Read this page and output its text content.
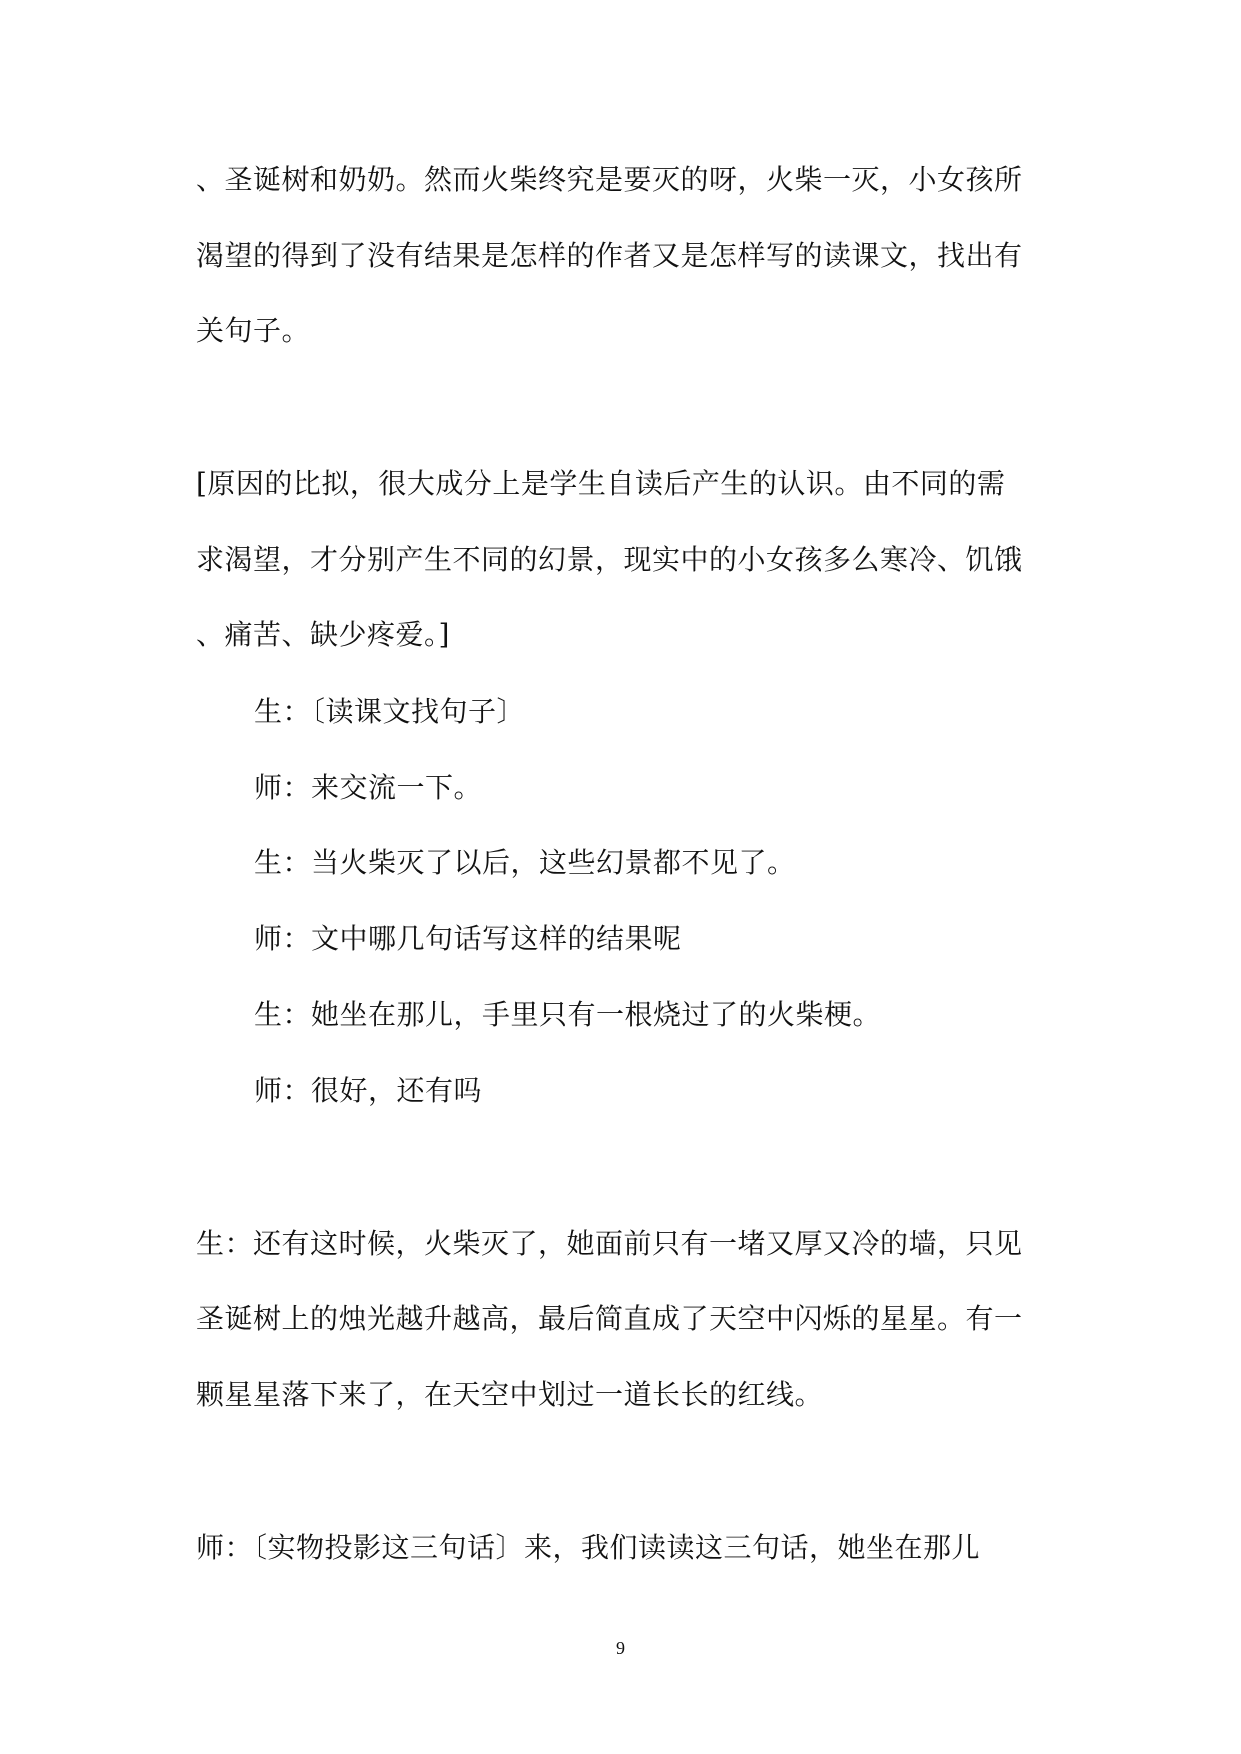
、圣诞树和奶奶。然而火柴终究是要灭的呀，火柴一灭，小女孩所
渴望的得到了没有结果是怎样的作者又是怎样写的读课文，找出有
关句子。
[原因的比拟，很大成分上是学生自读后产生的认识。由不同的需
求渴望，才分别产生不同的幻景，现实中的小女孩多么寒冷、饥饿
、痛苦、缺少疼爱。]
生：〔读课文找句子〕
师：来交流一下。
生：当火柴灭了以后，这些幻景都不见了。
师：文中哪几句话写这样的结果呢
生：她坐在那儿，手里只有一根烧过了的火柴梗。
师：很好，还有吗
生：还有这时候，火柴灭了，她面前只有一堵又厚又冷的墙，只见
圣诞树上的烛光越升越高，最后简直成了天空中闪烁的星星。有一
颗星星落下来了，在天空中划过一道长长的红线。
师：〔实物投影这三句话〕来，我们读读这三句话，她坐在那儿
9
